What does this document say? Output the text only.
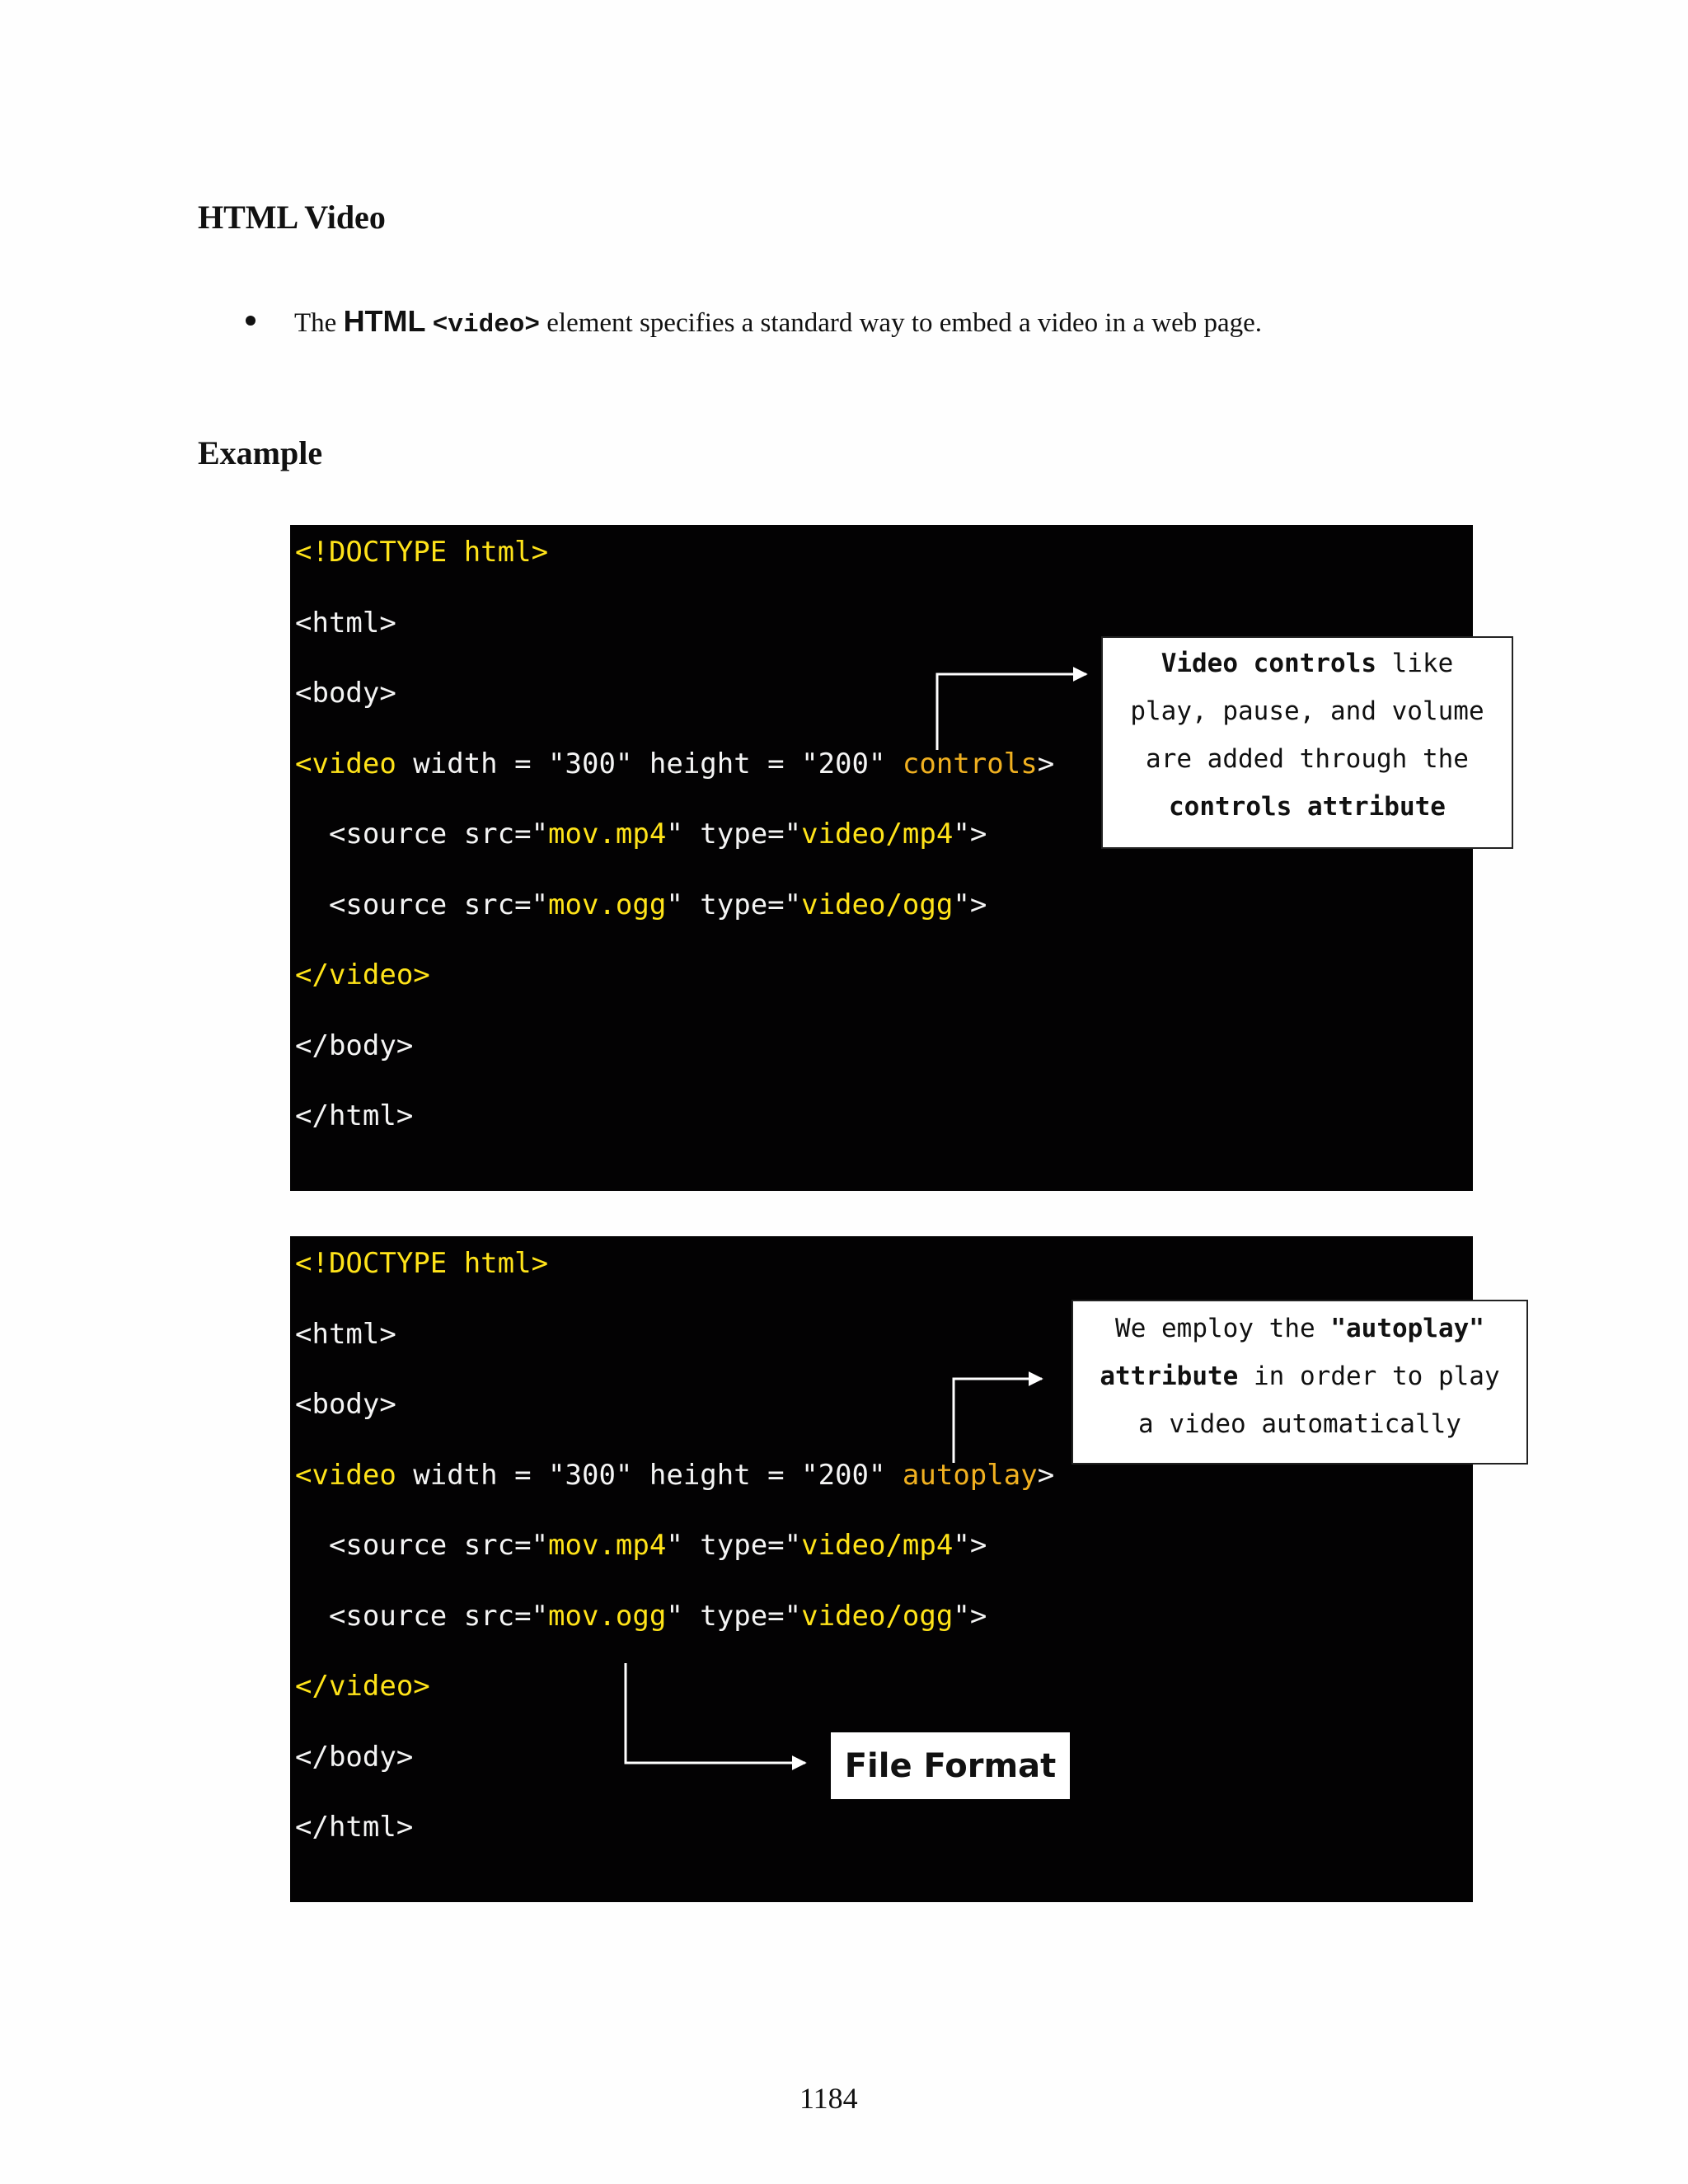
HTML Video
The HTML <video> element specifies a standard way to embed a video in a web page.
Example
<!DOCTYPE html>
<html>
<body>
<video width = "300" height = "200" controls>
<source src="mov.mp4" type="video/mp4">
<source src="mov.ogg" type="video/ogg">
</video>
</body>
</html>
Video controls like
play, pause, and volume
are added through the
controls attribute
<!DOCTYPE html>
<html>
<body>
<video width = "300" height = "200" autoplay>
<source src="mov.mp4" type="video/mp4">
<source src="mov.ogg" type="video/ogg">
</video>
</body>
</html>
We employ the "autoplay"
attribute in order to play
a video automatically
File Format
1184
